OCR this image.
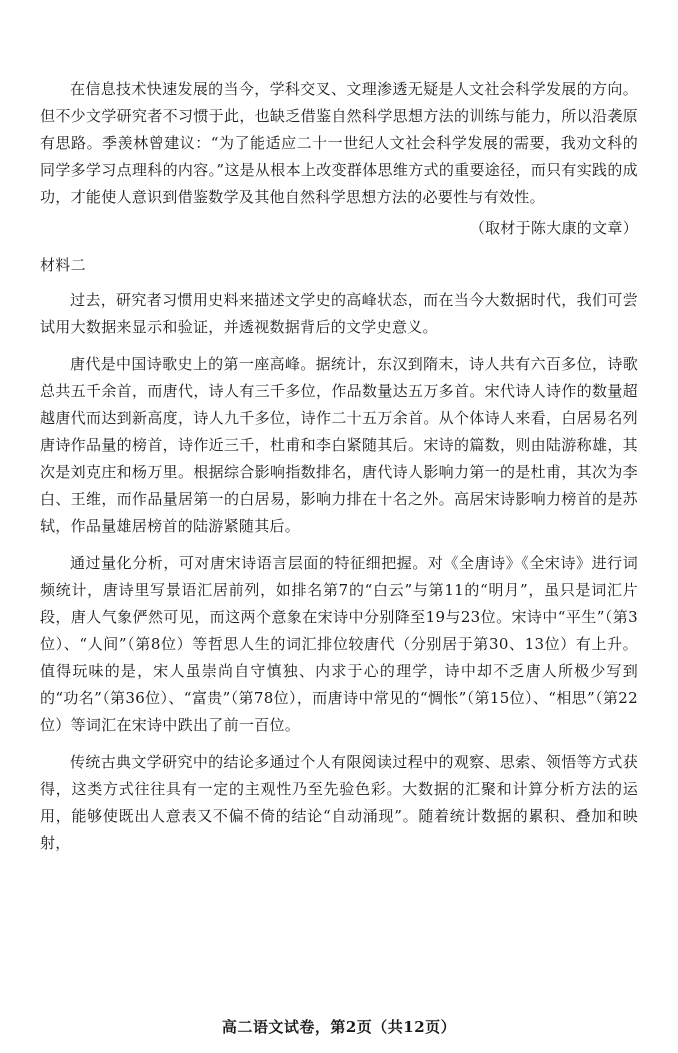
在信息技术快速发展的当今，学科交叉、文理渗透无疑是人文社会科学发展的方向。但不少文学研究者不习惯于此，也缺乏借鉴自然科学思想方法的训练与能力，所以沿袭原有思路。季羡林曾建议：“为了能适应二十一世纪人文社会科学发展的需要，我劝文科的同学多学习点理科的内容。”这是从根本上改变群体思维方式的重要途径，而只有实践的成功，才能使人意识到借鉴数学及其他自然科学思想方法的必要性与有效性。

（取材于陈大康的文章）

材料二

过去，研究者习惯用史料来描述文学史的高峰状态，而在当今大数据时代，我们可尝试用大数据来显示和验证，并透视数据背后的文学史意义。

唐代是中国诗歌史上的第一座高峰。据统计，东汉到隋末，诗人共有六百多位，诗歌总共五千余首，而唐代，诗人有三千多位，作品数量达五万多首。宋代诗人诗作的数量超越唐代而达到新高度，诗人九千多位，诗作二十五万余首。从个体诗人来看，白居易名列唐诗作品量的榜首，诗作近三千，杜甫和李白紧随其后。宋诗的篇数，则由陆游称雄，其次是刘克庄和杨万里。根据综合影响指数排名，唐代诗人影响力第一的是杜甫，其次为李白、王维，而作品量居第一的白居易，影响力排在十名之外。高居宋诗影响力榜首的是苏轼，作品量雄居榜首的陆游紧随其后。

通过量化分析，可对唐宋诗语言层面的特征细把握。对《全唐诗》《全宋诗》进行词频统计，唐诗里写景语汇居前列，如排名第7的“白云”与第11的“明月”，虽只是词汇片段，唐人气象俨然可见，而这两个意象在宋诗中分别降至19与23位。宋诗中“平生”（第3位）、“人间”（第8位）等哲思人生的词汇排位较唐代（分别居于第30、13位）有上升。值得玩味的是，宋人虽崇尚自守慎独、内求于心的理学，诗中却不乏唐人所极少写到的“功名”（第36位）、“富贵”（第78位），而唐诗中常见的“惆怅”（第15位）、“相思”（第22位）等词汇在宋诗中跌出了前一百位。

传统古典文学研究中的结论多通过个人有限阅读过程中的观察、思索、领悟等方式获得，这类方式往往具有一定的主观性乃至先验色彩。大数据的汇聚和计算分析方法的运用，能够使既出人意表又不偏不倚的结论“自动涌现”。随着统计数据的累积、叠加和映射，

高二语文试卷，第2页（共12页）
